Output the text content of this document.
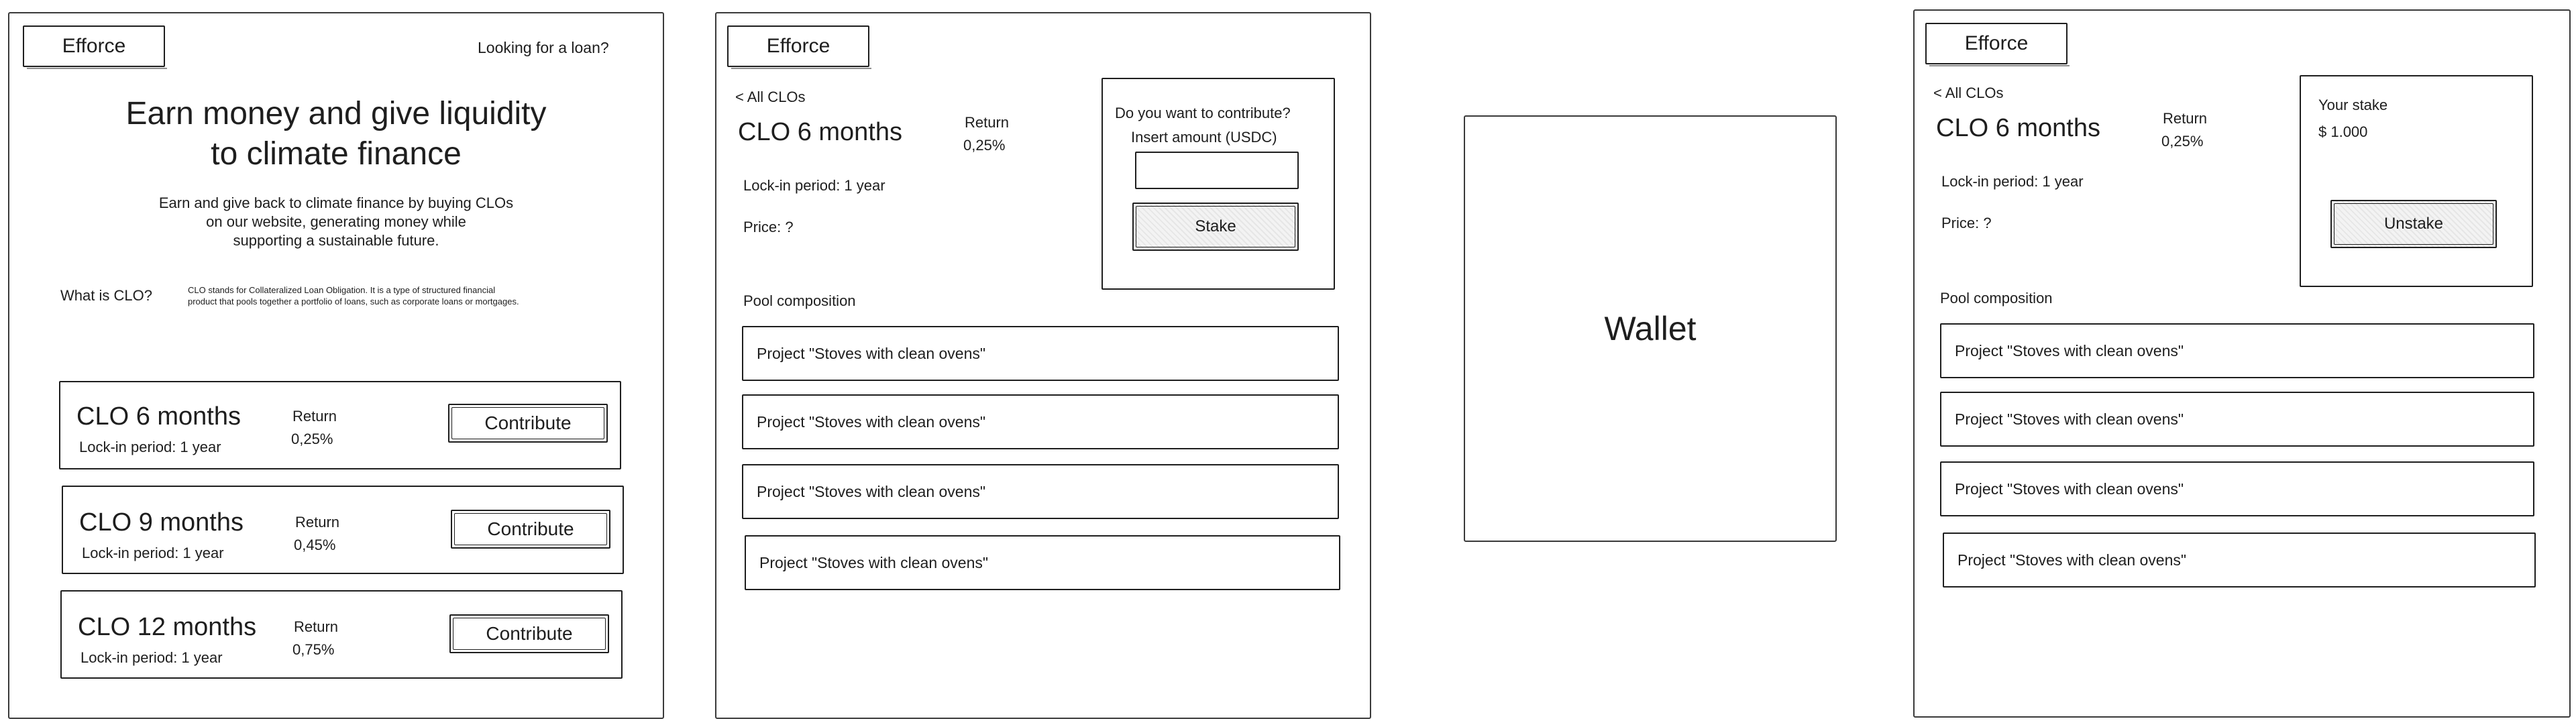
Efforce	Looking for a loan?
Earn money and give liquidity
to climate finance
Earn and give back to climate finance by buying CLOs
on our website, generating money while
supporting a sustainable future.
What is CLO?	CLO stands for Collateralized Loan Obligation. It is a type of structured financial
product that pools together a portfolio of loans, such as corporate loans or mortgages.
CLO 6 months
Lock-in period: 1 year
Return
0,25%
Contribute
CLO 9 months
Lock-in period: 1 year
Return
0,45%
Contribute
CLO 12 months
Lock-in period: 1 year
Return
0,75%
Contribute
Efforce
< All CLOs
CLO 6 months	Return
0,25%
Lock-in period: 1 year
Price: ?
Do you want to contribute?
Insert amount (USDC)
Stake
Pool composition
Project "Stoves with clean ovens"
Project "Stoves with clean ovens"
Project "Stoves with clean ovens"
Project "Stoves with clean ovens"
Wallet
Efforce
< All CLOs
CLO 6 months	Return
0,25%
Lock-in period: 1 year
Price: ?
Your stake
$ 1.000
Unstake
Pool composition
Project "Stoves with clean ovens"
Project "Stoves with clean ovens"
Project "Stoves with clean ovens"
Project "Stoves with clean ovens"
